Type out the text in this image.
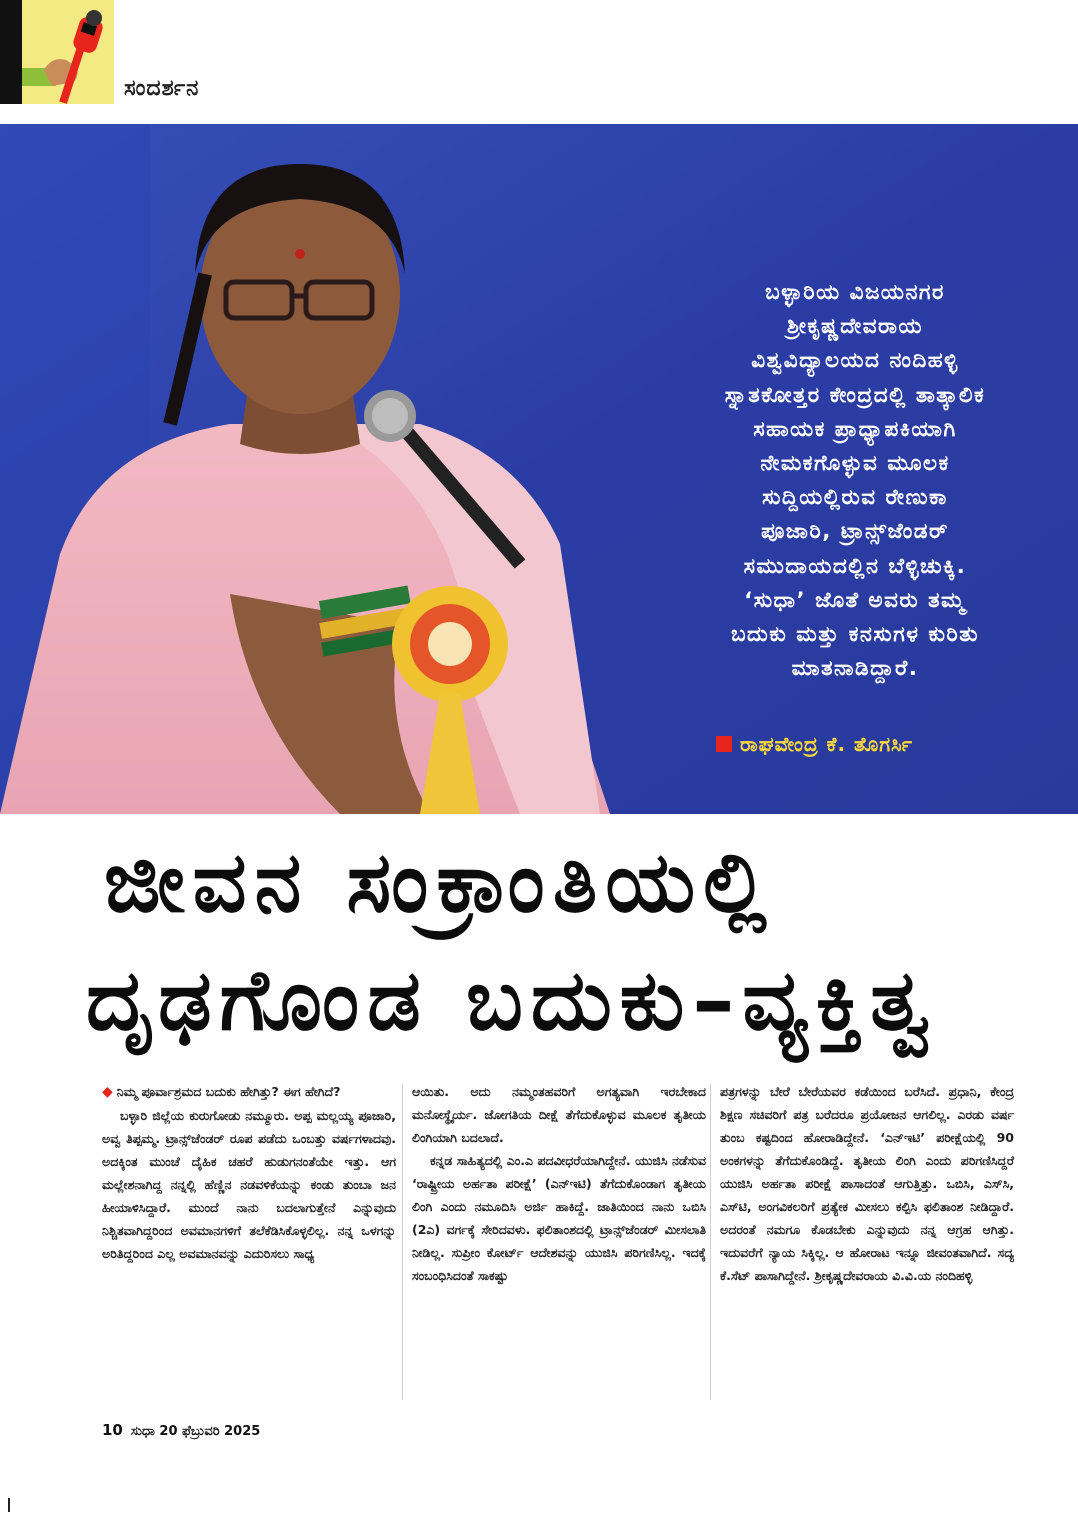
ಸಂದರ್ಶನ
ಬಳ್ಳಾರಿಯ ವಿಜಯನಗರ
ಶ್ರೀಕೃಷ್ಣದೇವರಾಯ
ವಿಶ್ವವಿದ್ಯಾಲಯದ ನಂದಿಹಳ್ಳಿ
ಸ್ನಾತಕೋತ್ತರ ಕೇಂದ್ರದಲ್ಲಿ ತಾತ್ಕಾಲಿಕ
ಸಹಾಯಕ ಪ್ರಾಧ್ಯಾಪಕಿಯಾಗಿ
ನೇಮಕಗೊಳ್ಳುವ ಮೂಲಕ
ಸುದ್ದಿಯಲ್ಲಿರುವ ರೇಣುಕಾ
ಪೂಜಾರಿ, ಟ್ರಾನ್ಸ್‌ಜೆಂಡರ್
ಸಮುದಾಯದಲ್ಲಿನ ಬೆಳ್ಳಿಚುಕ್ಕಿ.
‘ಸುಧಾ’ ಜೊತೆ ಅವರು ತಮ್ಮ
ಬದುಕು ಮತ್ತು ಕನಸುಗಳ ಕುರಿತು
ಮಾತನಾಡಿದ್ದಾರೆ.
ರಾಘವೇಂದ್ರ ಕೆ. ತೊಗರ್ಸಿ
ಜೀವನ ಸಂಕ್ರಾಂತಿಯಲ್ಲಿ
ದೃಢಗೊಂಡ ಬದುಕು–ವ್ಯಕ್ತಿತ್ವ

◆ ನಿಮ್ಮ ಪೂರ್ವಾಶ್ರಮದ ಬದುಕು ಹೇಗಿತ್ತು? ಈಗ ಹೇಗಿದೆ?

ಬಳ್ಳಾರಿ ಜಿಲ್ಲೆಯ ಕುರುಗೋಡು ನಮ್ಮೂರು. ಅಪ್ಪ ಮಲ್ಲಯ್ಯ ಪೂಜಾರಿ, ಅವ್ವ ತಿಪ್ಪಮ್ಮ. ಟ್ರಾನ್ಸ್‌ಜೆಂಡರ್ ರೂಪ ಪಡೆದು ಒಂಬತ್ತು ವರ್ಷಗಳಾದವು. ಅದಕ್ಕಿಂತ ಮುಂಚೆ ದೈಹಿಕ ಚಹರೆ ಹುಡುಗನಂತೆಯೇ ಇತ್ತು. ಆಗ ಮಲ್ಲೇಶನಾಗಿದ್ದ ನನ್ನಲ್ಲಿ ಹೆಣ್ಣಿನ ನಡವಳಿಕೆಯನ್ನು ಕಂಡು ತುಂಬಾ ಜನ ಹೀಯಾಳಿಸಿದ್ದಾರೆ. ಮುಂದೆ ನಾನು ಬದಲಾಗುತ್ತೇನೆ ಎನ್ನುವುದು ನಿಶ್ಚಿತವಾಗಿದ್ದರಿಂದ ಅವಮಾನಗಳಿಗೆ ತಲೆಕೆಡಿಸಿಕೊಳ್ಳಲಿಲ್ಲ. ನನ್ನ ಒಳಗನ್ನು ಅರಿತಿದ್ದರಿಂದ ಎಲ್ಲ ಅವಮಾನವನ್ನು ಎದುರಿಸಲು ಸಾಧ್ಯ

ಆಯಿತು. ಅದು ನಮ್ಮಂತಹವರಿಗೆ ಅಗತ್ಯವಾಗಿ ಇರಬೇಕಾದ ಮನೋಸ್ಥೈರ್ಯ. ಜೋಗತಿಯ ದೀಕ್ಷೆ ತೆಗೆದುಕೊಳ್ಳುವ ಮೂಲಕ ತೃತೀಯ ಲಿಂಗಿಯಾಗಿ ಬದಲಾದೆ.

ಕನ್ನಡ ಸಾಹಿತ್ಯದಲ್ಲಿ ಎಂ.ಎ ಪದವೀಧರೆಯಾಗಿದ್ದೇನೆ. ಯುಜಿಸಿ ನಡೆಸುವ ‘ರಾಷ್ಟ್ರೀಯ ಅರ್ಹತಾ ಪರೀಕ್ಷೆ’ (ಎನ್‌ಇಟಿ) ತೆಗೆದುಕೊಂಡಾಗ ತೃತೀಯ ಲಿಂಗಿ ಎಂದು ನಮೂದಿಸಿ ಅರ್ಜಿ ಹಾಕಿದ್ದೆ. ಜಾತಿಯಿಂದ ನಾನು ಒಬಿಸಿ (2ಎ) ವರ್ಗಕ್ಕೆ ಸೇರಿದವಳು. ಫಲಿತಾಂಶದಲ್ಲಿ ಟ್ರಾನ್ಸ್‌ಜೆಂಡರ್ ಮೀಸಲಾತಿ ನೀಡಿಲ್ಲ. ಸುಪ್ರೀಂ ಕೋರ್ಟ್ ಆದೇಶವನ್ನು ಯುಜಿಸಿ ಪರಿಗಣಿಸಿಲ್ಲ. ಇದಕ್ಕೆ ಸಂಬಂಧಿಸಿದಂತೆ ಸಾಕಷ್ಟು

ಪತ್ರಗಳನ್ನು ಬೇರೆ ಬೇರೆಯವರ ಕಡೆಯಿಂದ ಬರೆಸಿದೆ. ಪ್ರಧಾನಿ, ಕೇಂದ್ರ ಶಿಕ್ಷಣ ಸಚಿವರಿಗೆ ಪತ್ರ ಬರೆದರೂ ಪ್ರಯೋಜನ ಆಗಲಿಲ್ಲ. ಎರಡು ವರ್ಷ ತುಂಬ ಕಷ್ಟದಿಂದ ಹೋರಾಡಿದ್ದೇನೆ. ‘ಎನ್‌ಇಟಿ’ ಪರೀಕ್ಷೆಯಲ್ಲಿ 90 ಅಂಕಗಳನ್ನು ತೆಗೆದುಕೊಂಡಿದ್ದೆ. ತೃತೀಯ ಲಿಂಗಿ ಎಂದು ಪರಿಗಣಿಸಿದ್ದರೆ ಯುಜಿಸಿ ಅರ್ಹತಾ ಪರೀಕ್ಷೆ ಪಾಸಾದಂತೆ ಆಗುತ್ತಿತ್ತು. ಒಬಿಸಿ, ಎಸ್‌ಸಿ, ಎಸ್‌ಟಿ, ಅಂಗವಿಕಲರಿಗೆ ಪ್ರತ್ಯೇಕ ಮೀಸಲು ಕಲ್ಪಿಸಿ ಫಲಿತಾಂಶ ನೀಡಿದ್ದಾರೆ. ಅದರಂತೆ ನಮಗೂ ಕೊಡಬೇಕು ಎನ್ನುವುದು ನನ್ನ ಆಗ್ರಹ ಆಗಿತ್ತು. ಇದುವರೆಗೆ ನ್ಯಾಯ ಸಿಕ್ಕಿಲ್ಲ. ಆ ಹೋರಾಟ ಇನ್ನೂ ಜೀವಂತವಾಗಿದೆ. ಸದ್ಯ ಕೆ.ಸೆಟ್ ಪಾಸಾಗಿದ್ದೇನೆ. ಶ್ರೀಕೃಷ್ಣದೇವರಾಯ ವಿ.ವಿ.ಯ ನಂದಿಹಳ್ಳಿ

10 ಸುಧಾ 20 ಫೆಬ್ರುವರಿ 2025
